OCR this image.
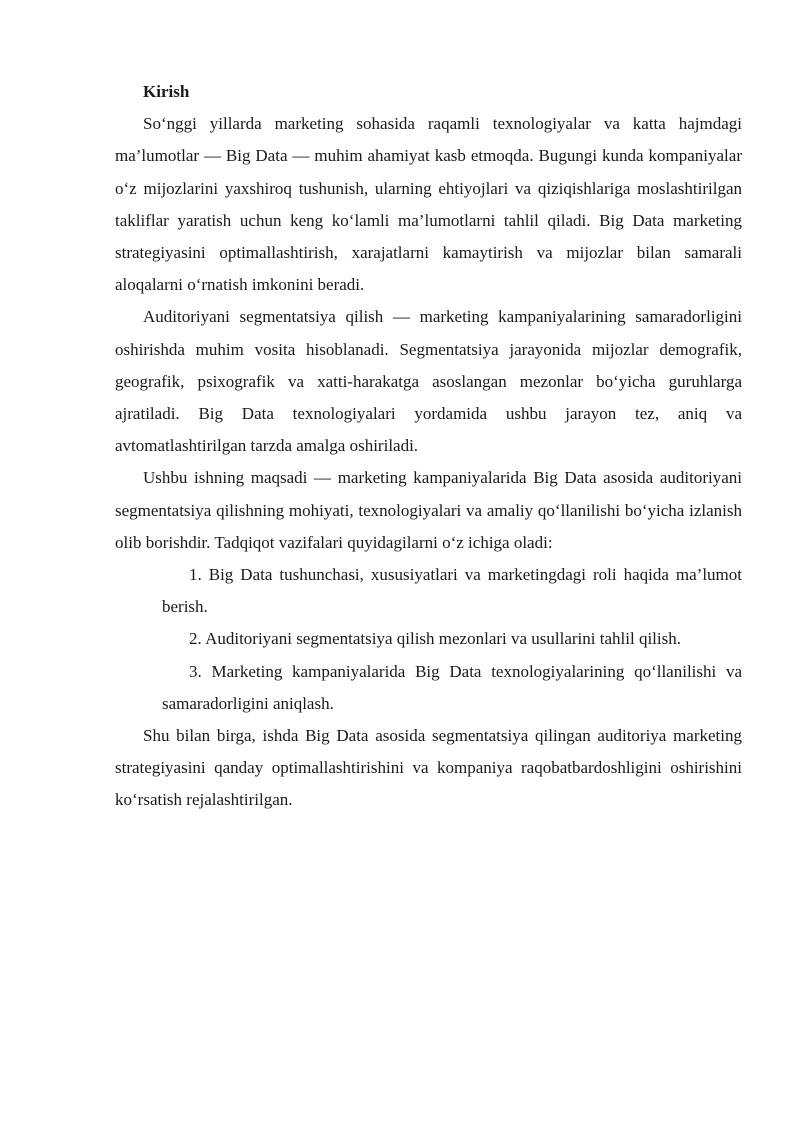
Kirish

So‘nggi yillarda marketing sohasida raqamli texnologiyalar va katta hajmdagi ma’lumotlar — Big Data — muhim ahamiyat kasb etmoqda. Bugungi kunda kompaniyalar o‘z mijozlarini yaxshiroq tushunish, ularning ehtiyojlari va qiziqishlariga moslashtirilgan takliflar yaratish uchun keng ko‘lamli ma’lumotlarni tahlil qiladi. Big Data marketing strategiyasini optimallashtirish, xarajatlarni kamaytirish va mijozlar bilan samarali aloqalarni o‘rnatish imkonini beradi.

Auditoriyani segmentatsiya qilish — marketing kampaniyalarining samaradorligini oshirishda muhim vosita hisoblanadi. Segmentatsiya jarayonida mijozlar demografik, geografik, psixografik va xatti-harakatga asoslangan mezonlar bo‘yicha guruhlarga ajratiladi. Big Data texnologiyalari yordamida ushbu jarayon tez, aniq va avtomatlashtirilgan tarzda amalga oshiriladi.

Ushbu ishning maqsadi — marketing kampaniyalarida Big Data asosida auditoriyani segmentatsiya qilishning mohiyati, texnologiyalari va amaliy qo‘llanilishi bo‘yicha izlanish olib borishdir. Tadqiqot vazifalari quyidagilarni o‘z ichiga oladi:

1. Big Data tushunchasi, xususiyatlari va marketingdagi roli haqida ma’lumot berish.

2. Auditoriyani segmentatsiya qilish mezonlari va usullarini tahlil qilish.

3. Marketing kampaniyalarida Big Data texnologiyalarining qo‘llanilishi va samaradorligini aniqlash.

Shu bilan birga, ishda Big Data asosida segmentatsiya qilingan auditoriya marketing strategiyasini qanday optimallashtirishini va kompaniya raqobatbardoshligini oshirishini ko‘rsatish rejalashtirilgan.
